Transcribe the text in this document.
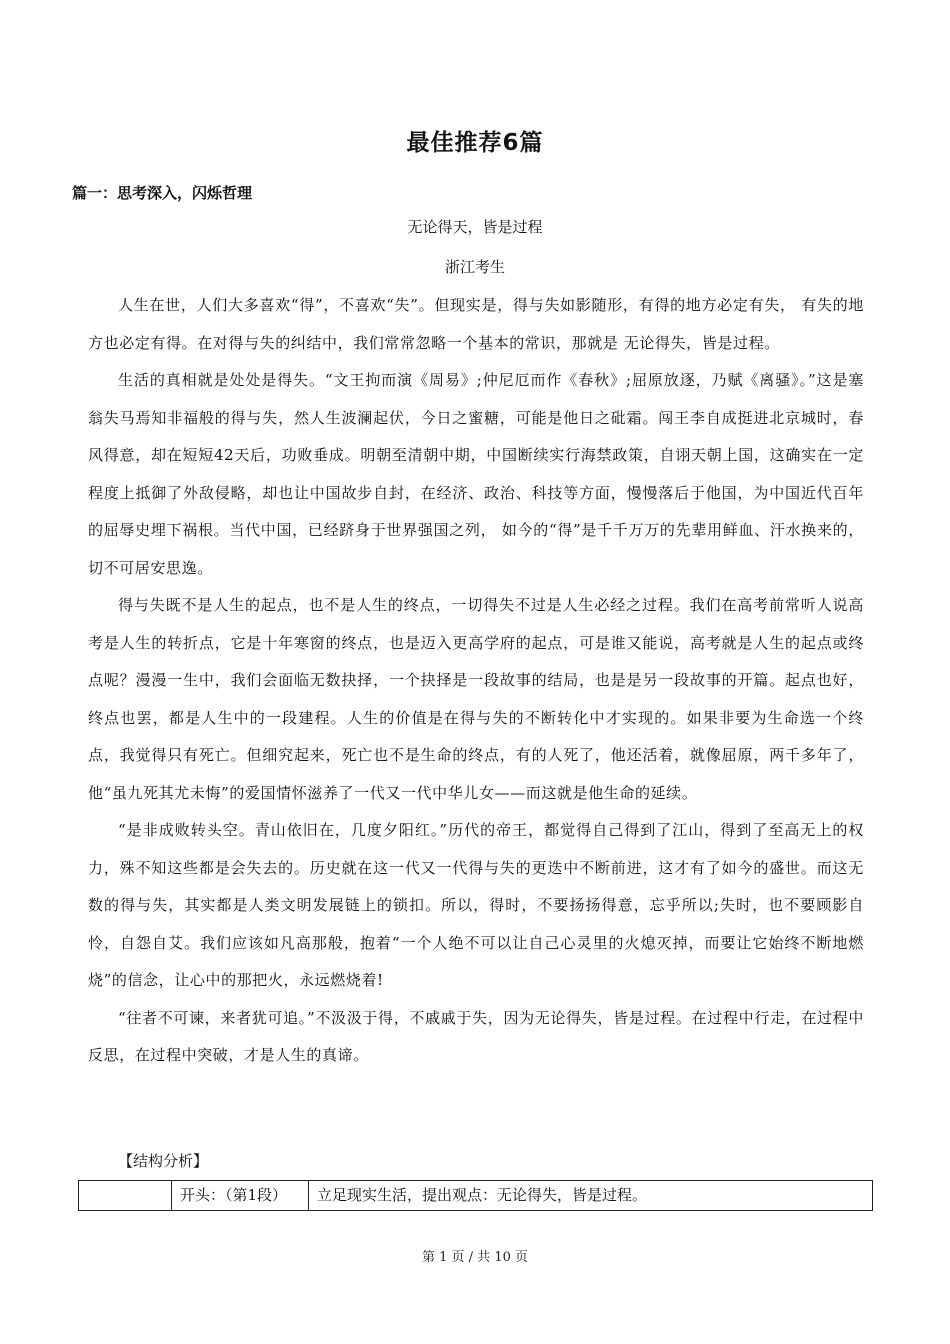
最佳推荐6篇
篇一：思考深入，闪烁哲理
无论得天，皆是过程
浙江考生

人生在世，人们大多喜欢“得”，不喜欢“失”。但现实是，得与失如影随形，有得的地方必定有失， 有失的地方也必定有得。在对得与失的纠结中，我们常常忽略一个基本的常识，那就是 无论得失，皆是过程。

生活的真相就是处处是得失。“文王拘而演《周易》;仲尼厄而作《春秋》;屈原放逐，乃赋《离骚》。”这是塞翁失马焉知非福般的得与失，然人生波澜起伏，今日之蜜糖，可能是他日之砒霜。闯王李自成挺进北京城时，春风得意，却在短短42天后，功败垂成。明朝至清朝中期，中国断续实行海禁政策，自诩天朝上国，这确实在一定程度上抵御了外敌侵略，却也让中国故步自封，在经济、政治、科技等方面，慢慢落后于他国，为中国近代百年的屈辱史埋下祸根。当代中国，已经跻身于世界强国之列， 如今的“得”是千千万万的先辈用鲜血、汗水换来的，切不可居安思逸。

得与失既不是人生的起点，也不是人生的终点，一切得失不过是人生必经之过程。我们在高考前常听人说高考是人生的转折点，它是十年寒窗的终点，也是迈入更高学府的起点，可是谁又能说，高考就是人生的起点或终点呢？漫漫一生中，我们会面临无数抉择，一个抉择是一段故事的结局，也是是另一段故事的开篇。起点也好，终点也罢，都是人生中的一段建程。人生的价值是在得与失的不断转化中才实现的。如果非要为生命选一个终点，我觉得只有死亡。但细究起来，死亡也不是生命的终点，有的人死了，他还活着，就像屈原，两千多年了，他“虽九死其尤未悔”的爱国情怀滋养了一代又一代中华儿女——而这就是他生命的延续。

“是非成败转头空。青山依旧在，几度夕阳红。”历代的帝王，都觉得自己得到了江山，得到了至高无上的权力，殊不知这些都是会失去的。历史就在这一代又一代得与失的更迭中不断前进，这才有了如今的盛世。而这无数的得与失，其实都是人类文明发展链上的锁扣。所以，得时，不要扬扬得意，忘乎所以;失时，也不要顾影自怜，自怨自艾。我们应该如凡高那般，抱着“一个人绝不可以让自己心灵里的火熄灭掉，而要让它始终不断地燃烧”的信念，让心中的那把火，永远燃烧着!

“往者不可谏，来者犹可追。”不汲汲于得，不戚戚于失，因为无论得失，皆是过程。在过程中行走，在过程中反思，在过程中突破，才是人生的真谛。

【结构分析】
	开头：（第1段）	立足现实生活，提出观点：无论得失，皆是过程。
第 1 页 / 共 10 页
